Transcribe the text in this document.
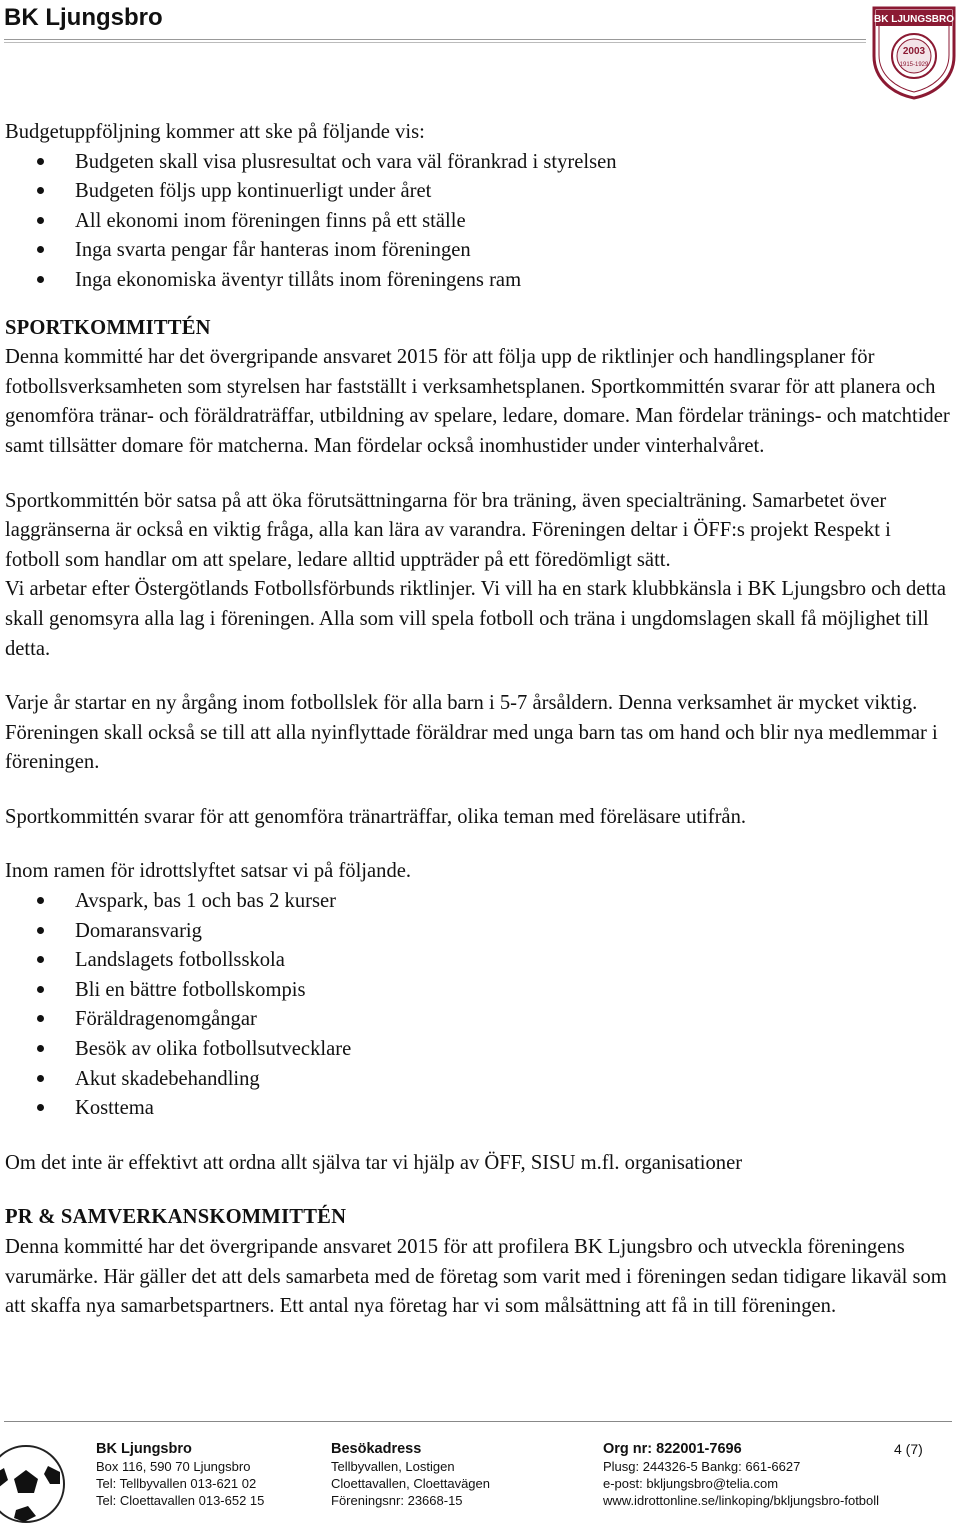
BK Ljungsbro	BK LJUNGSBRO
2003
1915-1929

Budgetuppföljning kommer att ske på följande vis:

Budgeten skall visa plusresultat och vara väl förankrad i styrelsen
Budgeten följs upp kontinuerligt under året
All ekonomi inom föreningen finns på ett ställe
Inga svarta pengar får hanteras inom föreningen
Inga ekonomiska äventyr tillåts inom föreningens ram

SPORTKOMMITTÉN

Denna kommitté har det övergripande ansvaret 2015 för att följa upp de riktlinjer och handlingsplaner för fotbollsverksamheten som styrelsen har fastställt i verksamhetsplanen. Sportkommittén svarar för att planera och genomföra tränar- och föräldraträffar, utbildning av spelare, ledare, domare. Man fördelar tränings- och matchtider samt tillsätter domare för matcherna. Man fördelar också inomhustider under vinterhalvåret.

Sportkommittén bör satsa på att öka förutsättningarna för bra träning, även specialträning. Samarbetet över laggränserna är också en viktig fråga, alla kan lära av varandra. Föreningen deltar i ÖFF:s projekt Respekt i fotboll som handlar om att spelare, ledare alltid uppträder på ett föredömligt sätt.

Vi arbetar efter Östergötlands Fotbollsförbunds riktlinjer. Vi vill ha en stark klubbkänsla i BK Ljungsbro och detta skall genomsyra alla lag i föreningen. Alla som vill spela fotboll och träna i ungdomslagen skall få möjlighet till detta.

Varje år startar en ny årgång inom fotbollslek för alla barn i 5-7 årsåldern. Denna verksamhet är mycket viktig. Föreningen skall också se till att alla nyinflyttade föräldrar med unga barn tas om hand och blir nya medlemmar i föreningen.

Sportkommittén svarar för att genomföra tränarträffar, olika teman med föreläsare utifrån.

Inom ramen för idrottslyftet satsar vi på följande.

Avspark, bas 1 och bas 2 kurser
Domaransvarig
Landslagets fotbollsskola
Bli en bättre fotbollskompis
Föräldragenomgångar
Besök av olika fotbollsutvecklare
Akut skadebehandling
Kosttema

Om det inte är effektivt att ordna allt själva tar vi hjälp av ÖFF, SISU m.fl. organisationer

PR & SAMVERKANSKOMMITTÉN

Denna kommitté har det övergripande ansvaret 2015 för att profilera BK Ljungsbro och utveckla föreningens varumärke. Här gäller det att dels samarbeta med de företag som varit med i föreningen sedan tidigare likaväl som att skaffa nya samarbetspartners. Ett antal nya företag har vi som målsättning att få in till föreningen.

BK Ljungsbro
Box 116, 590 70 Ljungsbro
Tel: Tellbyvallen 013-621 02
Tel: Cloettavallen 013-652 15
Besökadress
Tellbyvallen, Lostigen
Cloettavallen, Cloettavägen
Föreningsnr: 23668-15
Org nr: 822001-7696
Plusg: 244326-5 Bankg: 661-6627
e-post: bkljungsbro@telia.com
www.idrottonline.se/linkoping/bkljungsbro-fotboll
4 (7)
